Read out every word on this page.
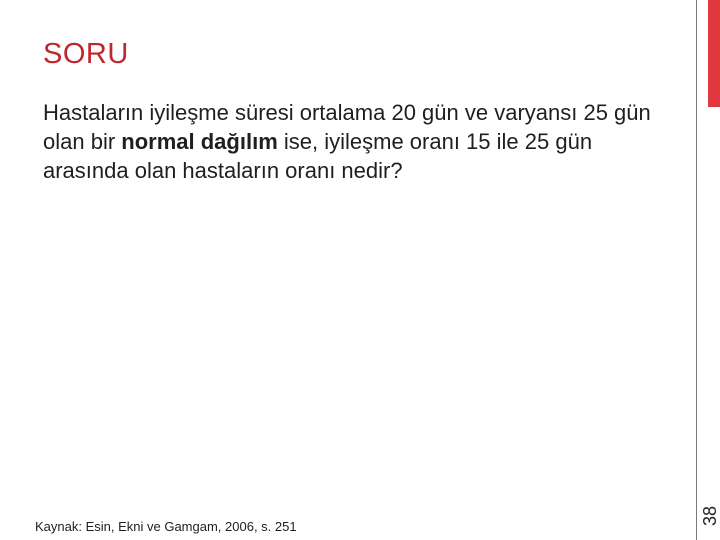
SORU

Hastaların iyileşme süresi ortalama 20 gün ve varyansı 25 gün olan bir normal dağılım ise, iyileşme oranı 15 ile 25 gün arasında olan hastaların oranı nedir?

Kaynak: Esin, Ekni ve Gamgam, 2006, s. 251

38
